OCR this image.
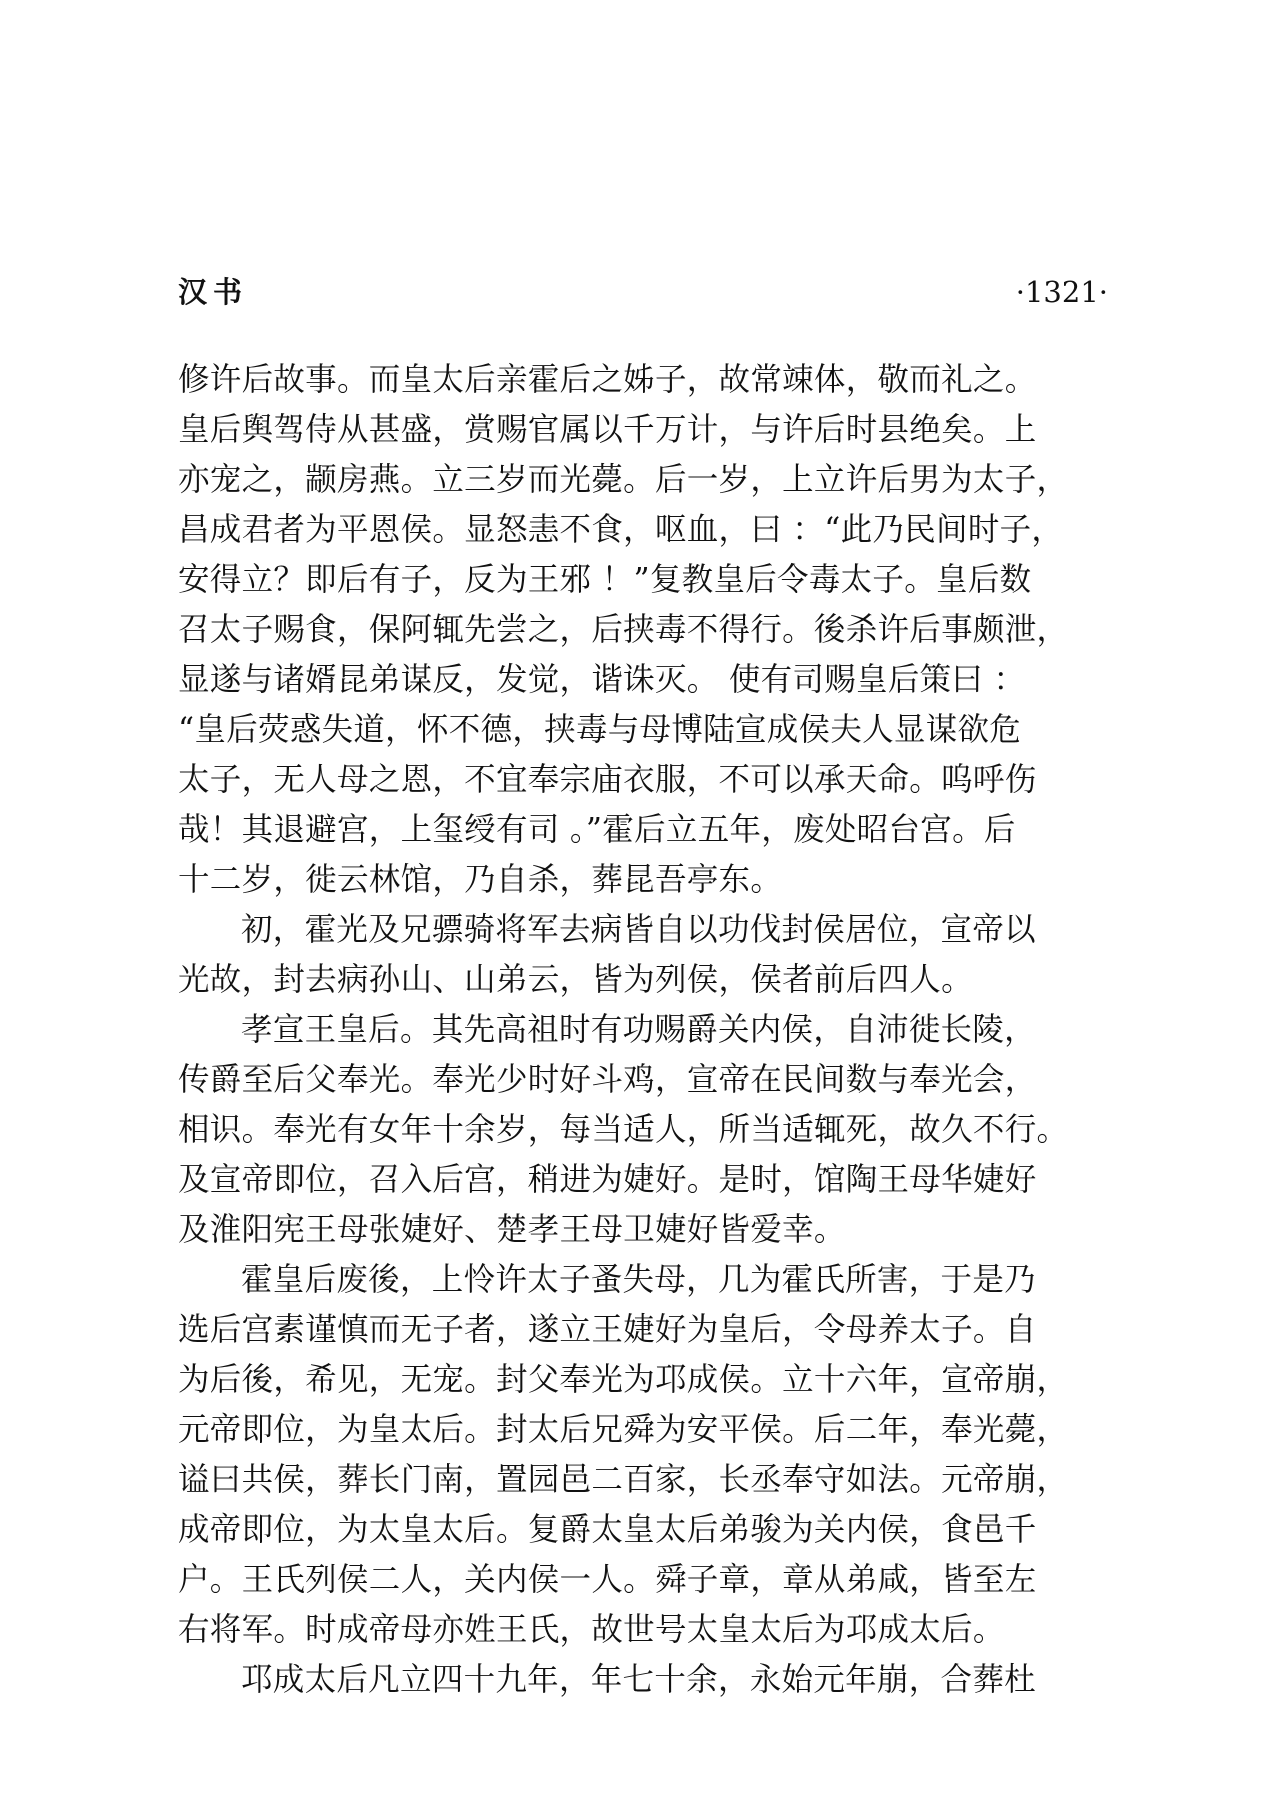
汉书	·1321·
修许后故事。而皇太后亲霍后之姊子，故常竦体，敬而礼之。
皇后舆驾侍从甚盛，赏赐官属以千万计，与许后时县绝矣。上
亦宠之，颛房燕。立三岁而光薨。后一岁，上立许后男为太子，
昌成君者为平恩侯。显怒恚不食，呕血，曰 ：“此乃民间时子，
安得立？即后有子，反为王邪 ！”复教皇后令毒太子。皇后数
召太子赐食，保阿辄先尝之，后挟毒不得行。後杀许后事颇泄，
显遂与诸婿昆弟谋反，发觉，谐诛灭。 使有司赐皇后策曰 ：
“皇后荧惑失道，怀不德，挟毒与母博陆宣成侯夫人显谋欲危
太子，无人母之恩，不宜奉宗庙衣服，不可以承天命。呜呼伤
哉！其退避宫，上玺绶有司 。”霍后立五年，废处昭台宫。后
十二岁，徙云林馆，乃自杀，葬昆吾亭东。
初，霍光及兄骠骑将军去病皆自以功伐封侯居位，宣帝以
光故，封去病孙山、山弟云，皆为列侯，侯者前后四人。
孝宣王皇后。其先高祖时有功赐爵关内侯，自沛徙长陵，
传爵至后父奉光。奉光少时好斗鸡，宣帝在民间数与奉光会，
相识。奉光有女年十余岁，每当适人，所当适辄死，故久不行。
及宣帝即位，召入后宫，稍进为婕好。是时，馆陶王母华婕好
及淮阳宪王母张婕好、楚孝王母卫婕好皆爱幸。
霍皇后废後，上怜许太子蚤失母，几为霍氏所害，于是乃
选后宫素谨慎而无子者，遂立王婕好为皇后，令母养太子。自
为后後，希见，无宠。封父奉光为邛成侯。立十六年，宣帝崩，
元帝即位，为皇太后。封太后兄舜为安平侯。后二年，奉光薨，
谥曰共侯，葬长门南，置园邑二百家，长丞奉守如法。元帝崩，
成帝即位，为太皇太后。复爵太皇太后弟骏为关内侯，食邑千
户。王氏列侯二人，关内侯一人。舜子章，章从弟咸，皆至左
右将军。时成帝母亦姓王氏，故世号太皇太后为邛成太后。
邛成太后凡立四十九年，年七十余，永始元年崩，合葬杜
